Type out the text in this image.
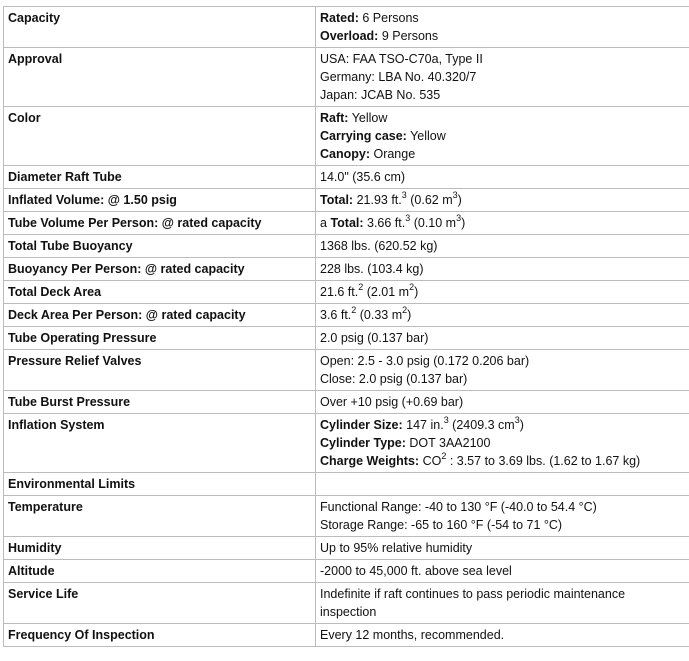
Capacity	Rated: 6 Persons
Overload: 9 Persons

Approval	USA: FAA TSO-C70a, Type II
Germany: LBA No. 40.320/7
Japan: JCAB No. 535

Color	Raft: Yellow
Carrying case: Yellow
Canopy: Orange

Diameter Raft Tube	14.0" (35.6 cm)

Inflated Volume: @ 1.50 psig	Total: 21.93 ft.$^3$ (0.62 $m^3$)

Tube Volume Per Person: @ rated capacity	a Total: 3.66 ft.$^3$ (0.10 $m^3$)

Total Tube Buoyancy	1368 lbs. (620.52 kg)

Buoyancy Per Person: @ rated capacity	228 lbs. (103.4 kg)

Total Deck Area	21.6 ft.$^2$ (2.01 $m^2$)

Deck Area Per Person: @ rated capacity	3.6 ft.$^2$ (0.33 $m^2$)

Tube Operating Pressure	2.0 psig (0.137 bar)

Pressure Relief Valves	Open: 2.5 - 3.0 psig (0.172 0.206 bar)
Close: 2.0 psig (0.137 bar)

Tube Burst Pressure	Over +10 psig (+0.69 bar)

Inflation System	Cylinder Size: 147 in.$^3$ (2409.3 $cm^3$)
Cylinder Type: DOT 3AA2100
Charge Weights: $CO^2$ : 3.57 to 3.69 lbs. (1.62 to 1.67 kg)

Environmental Limits	

Temperature	Functional Range: -40 to 130 °F (-40.0 to 54.4 °C)
Storage Range: -65 to 160 °F (-54 to 71 °C)

Humidity	Up to 95% relative humidity

Altitude	-2000 to 45,000 ft. above sea level

Service Life	Indefinite if raft continues to pass periodic maintenance
inspection

Frequency Of Inspection	Every 12 months, recommended.
